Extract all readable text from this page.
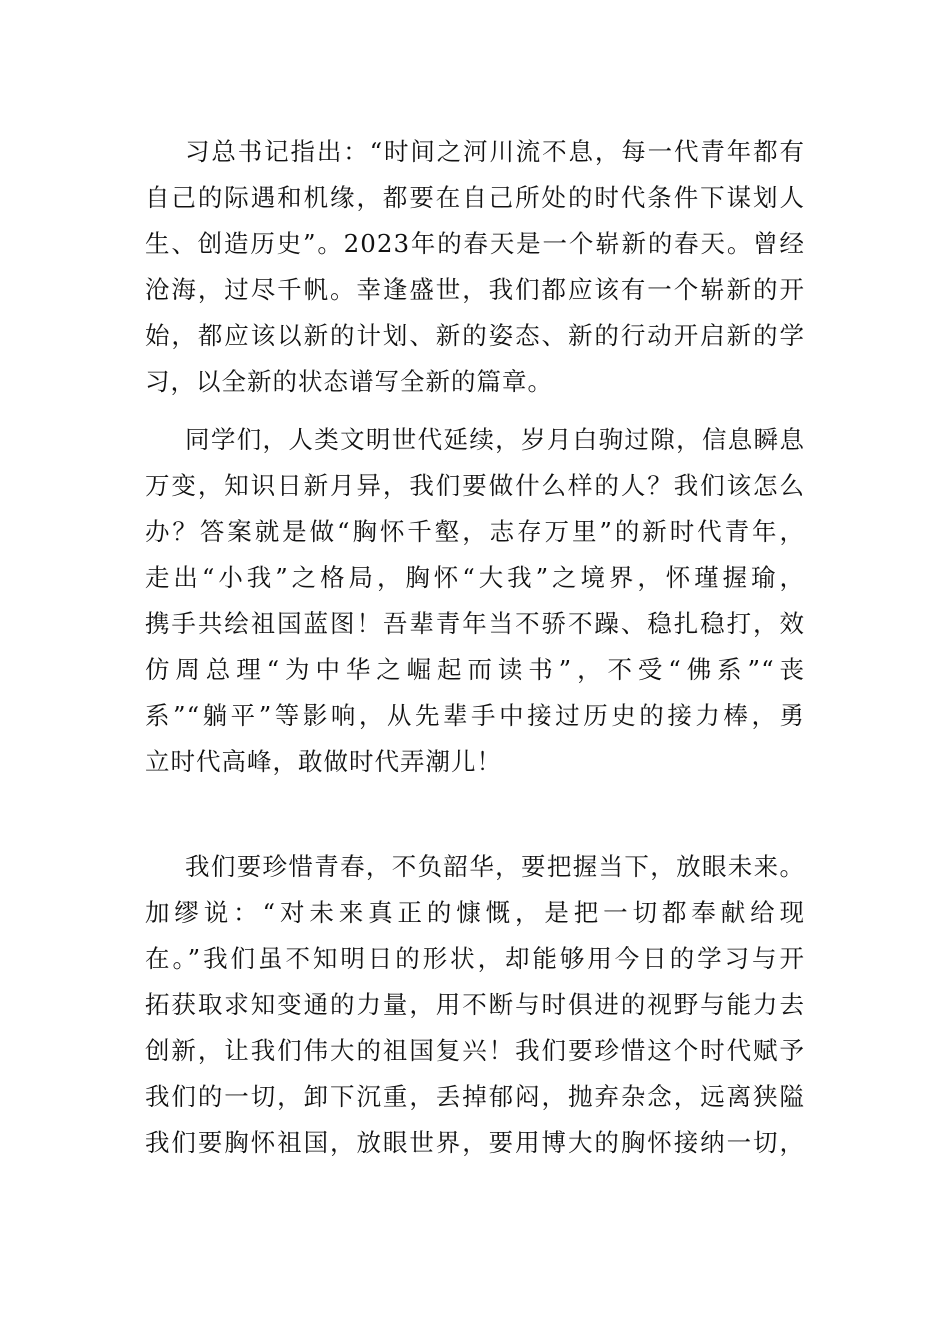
习总书记指出：“时间之河川流不息，每一代青年都有
自己的际遇和机缘，都要在自己所处的时代条件下谋划人
生、创造历史”。2023年的春天是一个崭新的春天。曾经
沧海，过尽千帆。幸逢盛世，我们都应该有一个崭新的开
始，都应该以新的计划、新的姿态、新的行动开启新的学
习，以全新的状态谱写全新的篇章。
同学们，人类文明世代延续，岁月白驹过隙，信息瞬息
万变，知识日新月异，我们要做什么样的人？我们该怎么
办？答案就是做“胸怀千壑，志存万里”的新时代青年，
走出“小我”之格局，胸怀“大我”之境界，怀瑾握瑜，
携手共绘祖国蓝图！吾辈青年当不骄不躁、稳扎稳打，效
仿周总理“为中华之崛起而读书”，不受“佛系”“丧
系”“躺平”等影响，从先辈手中接过历史的接力棒，勇
立时代高峰，敢做时代弄潮儿！
我们要珍惜青春，不负韶华，要把握当下，放眼未来。
加缪说：“对未来真正的慷慨，是把一切都奉献给现
在。”我们虽不知明日的形状，却能够用今日的学习与开
拓获取求知变通的力量，用不断与时俱进的视野与能力去
创新，让我们伟大的祖国复兴！我们要珍惜这个时代赋予
我们的一切，卸下沉重，丢掉郁闷，抛弃杂念，远离狭隘
我们要胸怀祖国，放眼世界，要用博大的胸怀接纳一切，
